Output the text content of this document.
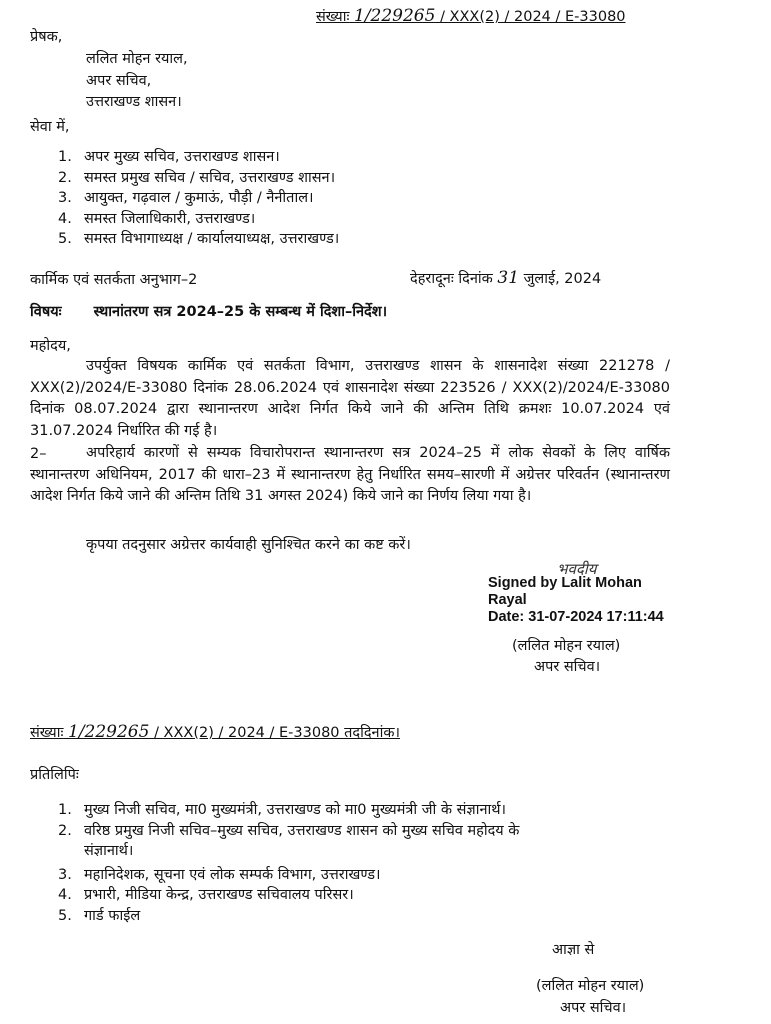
संख्याः 1/229265 / XXX(2) / 2024 / E-33080
प्रेषक,
ललित मोहन रयाल,
अपर सचिव,
उत्तराखण्ड शासन।
सेवा में,
1. अपर मुख्य सचिव, उत्तराखण्ड शासन।
2. समस्त प्रमुख सचिव / सचिव, उत्तराखण्ड शासन।
3. आयुक्त, गढ़वाल / कुमाऊं, पौड़ी / नैनीताल।
4. समस्त जिलाधिकारी, उत्तराखण्ड।
5. समस्त विभागाध्यक्ष / कार्यालयाध्यक्ष, उत्तराखण्ड।
कार्मिक एवं सतर्कता अनुभाग–2	देहरादूनः दिनांक 31 जुलाई, 2024
विषयः स्थानांतरण सत्र 2024–25 के सम्बन्ध में दिशा–निर्देश।
महोदय,
उपर्युक्त विषयक कार्मिक एवं सतर्कता विभाग, उत्तराखण्ड शासन के शासनादेश संख्या 221278 / XXX(2)/2024/E-33080 दिनांक 28.06.2024 एवं शासनादेश संख्या 223526 / XXX(2)/2024/E-33080 दिनांक 08.07.2024 द्वारा स्थानान्तरण आदेश निर्गत किये जाने की अन्तिम तिथि क्रमशः 10.07.2024 एवं 31.07.2024 निर्धारित की गई है।
2–	अपरिहार्य कारणों से सम्यक विचारोपरान्त स्थानान्तरण सत्र 2024–25 में लोक सेवकों के लिए वार्षिक स्थानान्तरण अधिनियम, 2017 की धारा–23 में स्थानान्तरण हेतु निर्धारित समय–सारणी में अग्रेत्तर परिवर्तन (स्थानान्तरण आदेश निर्गत किये जाने की अन्तिम तिथि 31 अगस्त 2024) किये जाने का निर्णय लिया गया है।
कृपया तदनुसार अग्रेत्तर कार्यवाही सुनिश्चित करने का कष्ट करें।
भवदीय
Signed by Lalit Mohan
Rayal
Date: 31-07-2024 17:11:44
(ललित मोहन रयाल)
अपर सचिव।
संख्याः 1/229265 / XXX(2) / 2024 / E-33080 तददिनांक।
प्रतिलिपिः
1. मुख्य निजी सचिव, मा0 मुख्यमंत्री, उत्तराखण्ड को मा0 मुख्यमंत्री जी के संज्ञानार्थ।
2. वरिष्ठ प्रमुख निजी सचिव–मुख्य सचिव, उत्तराखण्ड शासन को मुख्य सचिव महोदय के
संज्ञानार्थ।
3. महानिदेशक, सूचना एवं लोक सम्पर्क विभाग, उत्तराखण्ड।
4. प्रभारी, मीडिया केन्द्र, उत्तराखण्ड सचिवालय परिसर।
5. गार्ड फाईल
आज्ञा से
(ललित मोहन रयाल)
अपर सचिव।
